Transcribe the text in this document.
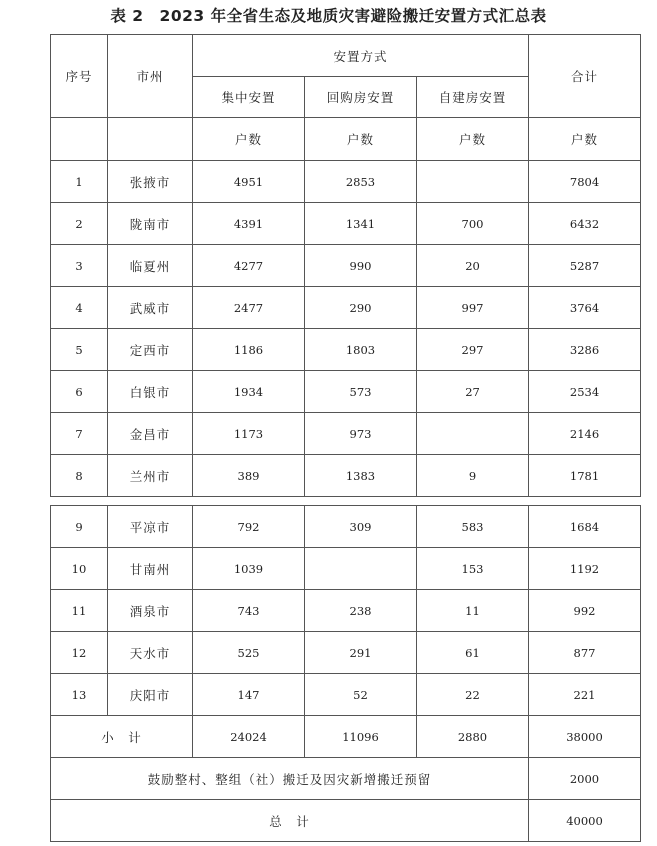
表 2　2023 年全省生态及地质灾害避险搬迁安置方式汇总表
序号	市州	安置方式			合计
		集中安置	回购房安置	自建房安置	
		户数	户数	户数	户数
1	张掖市	4951	2853		7804
2	陇南市	4391	1341	700	6432
3	临夏州	4277	990	20	5287
4	武威市	2477	290	997	3764
5	定西市	1186	1803	297	3286
6	白银市	1934	573	27	2534
7	金昌市	1173	973		2146
8	兰州市	389	1383	9	1781
9	平凉市	792	309	583	1684
10	甘南州	1039		153	1192
11	酒泉市	743	238	11	992
12	天水市	525	291	61	877
13	庆阳市	147	52	22	221
小　计		24024	11096	2880	38000
鼓励整村、整组（社）搬迁及因灾新增搬迁预留					2000
总　计					40000
